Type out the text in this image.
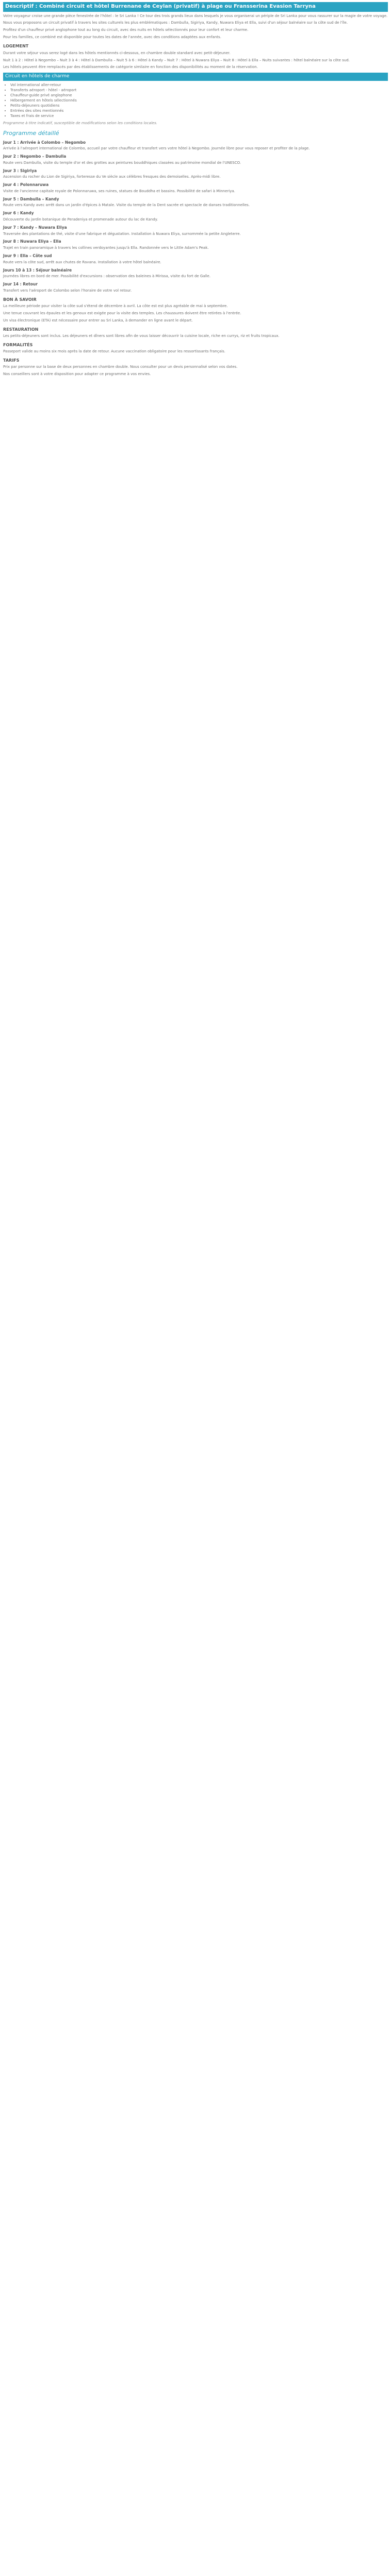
Descriptif : Combiné circuit et hôtel Burrenane de Ceylan (privatif) à plage ou Fransserina Evasion Tarryna

Votre voyageur croise une grande pièce fenestrée de l'hôtel : le Sri Lanka ! Ce tour des trois grands lieux dans lesquels je vous organiserai un périple de Sri Lanka pour vous rassurer sur la magie de votre voyage.

Nous vous proposons un circuit privatif à travers les sites culturels les plus emblématiques : Dambulla, Sigiriya, Kandy, Nuwara Eliya et Ella, suivi d'un séjour balnéaire sur la côte sud de l'île.

Profitez d'un chauffeur privé anglophone tout au long du circuit, avec des nuits en hôtels sélectionnés pour leur confort et leur charme.

Pour les familles, ce combiné est disponible pour toutes les dates de l'année, avec des conditions adaptées aux enfants.

LOGEMENT

Durant votre séjour vous serez logé dans les hôtels mentionnés ci-dessous, en chambre double standard avec petit-déjeuner.

Nuit 1 à 2 : Hôtel à Negombo – Nuit 3 à 4 : Hôtel à Dambulla – Nuit 5 à 6 : Hôtel à Kandy – Nuit 7 : Hôtel à Nuwara Eliya – Nuit 8 : Hôtel à Ella – Nuits suivantes : hôtel balnéaire sur la côte sud.

Les hôtels peuvent être remplacés par des établissements de catégorie similaire en fonction des disponibilités au moment de la réservation.

Circuit en hôtels de charme
• Vol international aller-retour
• Transferts aéroport - hôtel - aéroport
• Chauffeur-guide privé anglophone
• Hébergement en hôtels sélectionnés
• Petits-déjeuners quotidiens
• Entrées des sites mentionnés
• Taxes et frais de service

Programme à titre indicatif, susceptible de modifications selon les conditions locales.

Programme détaillé
Jour 1 : Arrivée à Colombo – Negombo

Arrivée à l'aéroport international de Colombo, accueil par votre chauffeur et transfert vers votre hôtel à Negombo. Journée libre pour vous reposer et profiter de la plage.

Jour 2 : Negombo – Dambulla

Route vers Dambulla, visite du temple d'or et des grottes aux peintures bouddhiques classées au patrimoine mondial de l'UNESCO.

Jour 3 : Sigiriya

Ascension du rocher du Lion de Sigiriya, forteresse du Ve siècle aux célèbres fresques des demoiselles. Après-midi libre.

Jour 4 : Polonnaruwa

Visite de l'ancienne capitale royale de Polonnaruwa, ses ruines, statues de Bouddha et bassins. Possibilité de safari à Minneriya.

Jour 5 : Dambulla – Kandy

Route vers Kandy avec arrêt dans un jardin d'épices à Matale. Visite du temple de la Dent sacrée et spectacle de danses traditionnelles.

Jour 6 : Kandy

Découverte du jardin botanique de Peradeniya et promenade autour du lac de Kandy.

Jour 7 : Kandy – Nuwara Eliya

Traversée des plantations de thé, visite d'une fabrique et dégustation. Installation à Nuwara Eliya, surnommée la petite Angleterre.

Jour 8 : Nuwara Eliya – Ella

Trajet en train panoramique à travers les collines verdoyantes jusqu'à Ella. Randonnée vers le Little Adam's Peak.

Jour 9 : Ella – Côte sud

Route vers la côte sud, arrêt aux chutes de Ravana. Installation à votre hôtel balnéaire.

Jours 10 à 13 : Séjour balnéaire

Journées libres en bord de mer. Possibilité d'excursions : observation des baleines à Mirissa, visite du fort de Galle.

Jour 14 : Retour

Transfert vers l'aéroport de Colombo selon l'horaire de votre vol retour.

BON À SAVOIR

La meilleure période pour visiter la côte sud s'étend de décembre à avril. La côte est est plus agréable de mai à septembre.

Une tenue couvrant les épaules et les genoux est exigée pour la visite des temples. Les chaussures doivent être retirées à l'entrée.

Un visa électronique (ETA) est nécessaire pour entrer au Sri Lanka, à demander en ligne avant le départ.

RESTAURATION

Les petits-déjeuners sont inclus. Les déjeuners et dîners sont libres afin de vous laisser découvrir la cuisine locale, riche en currys, riz et fruits tropicaux.

FORMALITÉS

Passeport valide au moins six mois après la date de retour. Aucune vaccination obligatoire pour les ressortissants français.

TARIFS

Prix par personne sur la base de deux personnes en chambre double. Nous consulter pour un devis personnalisé selon vos dates.

Nos conseillers sont à votre disposition pour adapter ce programme à vos envies.
